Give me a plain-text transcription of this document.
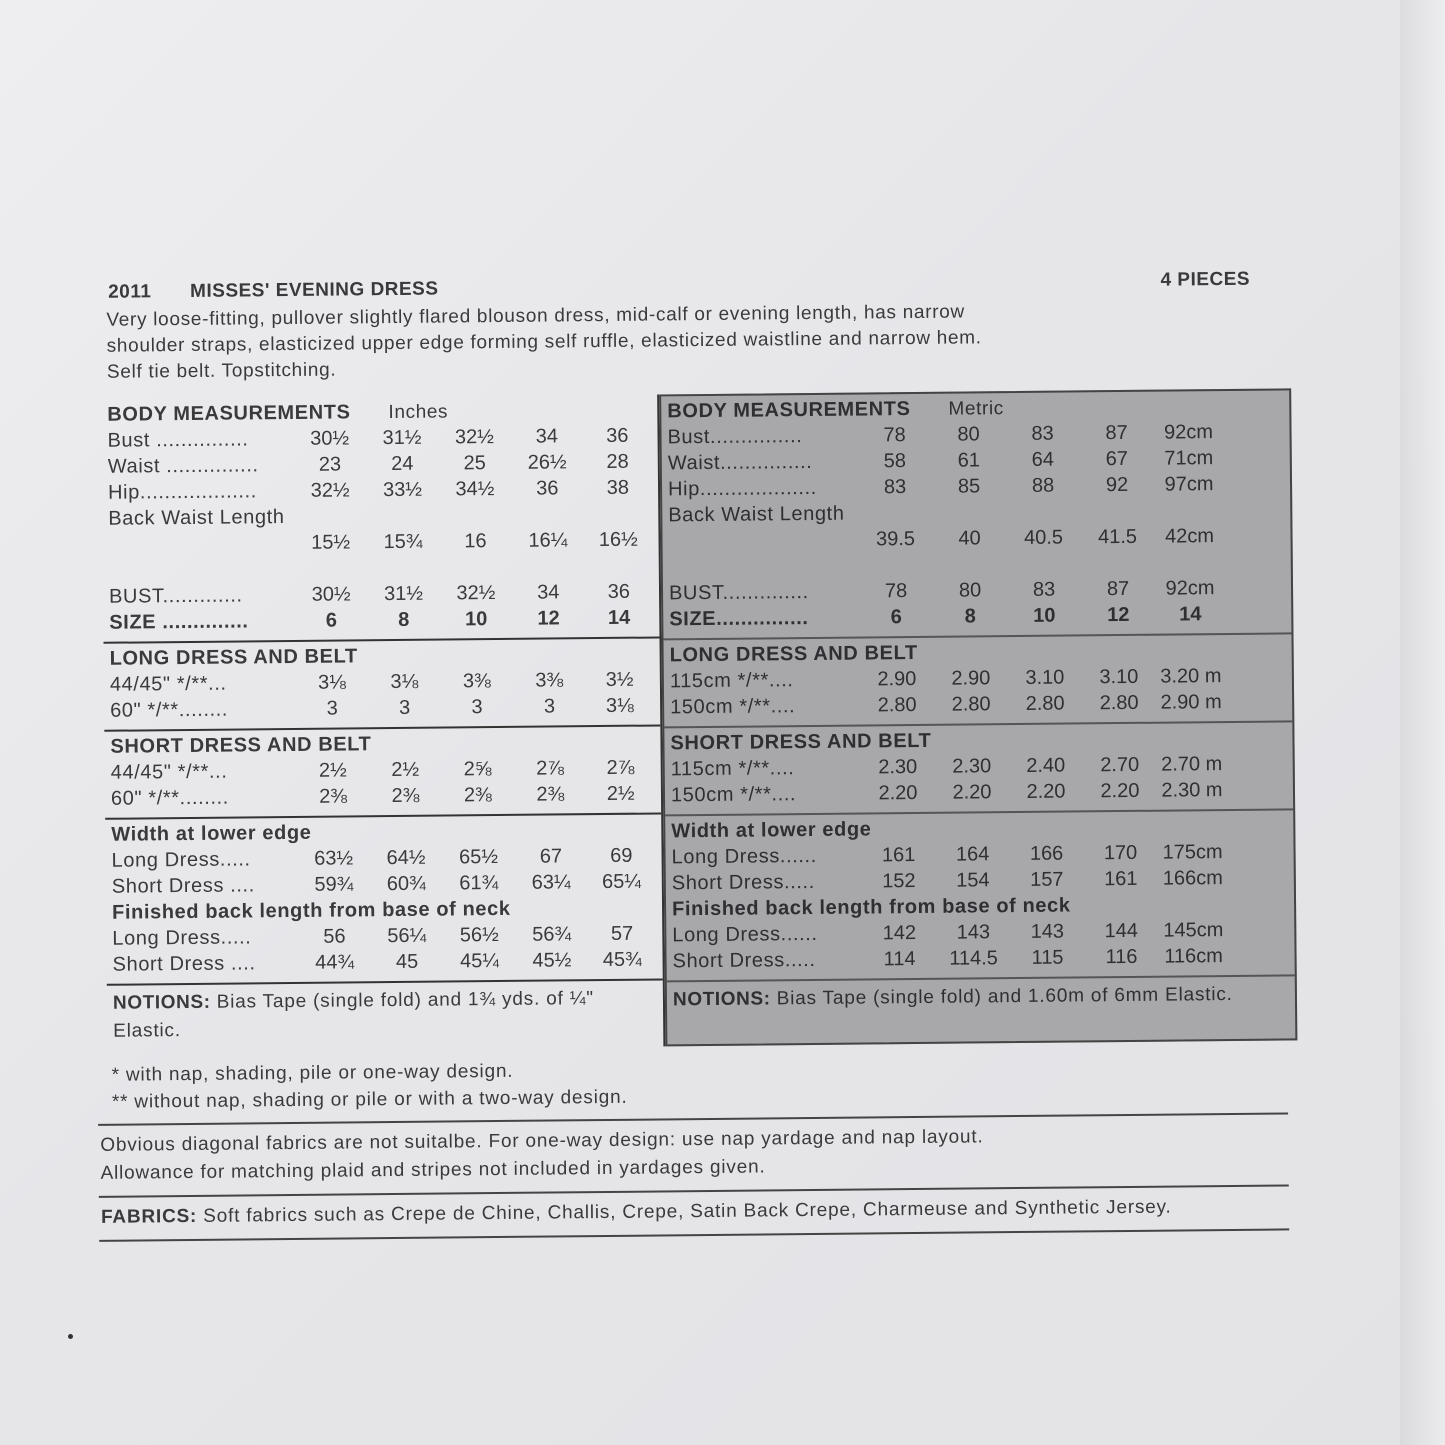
2011 MISSES' EVENING DRESS	4 PIECES
Very loose-fitting, pullover slightly flared blouson dress, mid-calf or evening length, has narrow
shoulder straps, elasticized upper edge forming self ruffle, elasticized waistline and narrow hem.
Self tie belt. Topstitching.
BODY MEASUREMENTS Inches
Bust ...............	30½	31½	32½	34	36
Waist ...............	23	24	25	26½	28
Hip...................	32½	33½	34½	36	38
Back Waist Length
15½	15¾	16	16¼	16½
BUST.............	30½	31½	32½	34	36
SIZE ..............	6	8	10	12	14
LONG DRESS AND BELT
44/45" */**...	3⅛	3⅛	3⅜	3⅜	3½
60" */**........	3	3	3	3	3⅛
SHORT DRESS AND BELT
44/45" */**...	2½	2½	2⅝	2⅞	2⅞
60" */**........	2⅜	2⅜	2⅜	2⅜	2½
Width at lower edge
Long Dress.....	63½	64½	65½	67	69
Short Dress ....	59¾	60¾	61¾	63¼	65¼
Finished back length from base of neck
Long Dress.....	56	56¼	56½	56¾	57
Short Dress ....	44¾	45	45¼	45½	45¾
NOTIONS: Bias Tape (single fold) and 1¾ yds. of ¼" Elastic.
BODY MEASUREMENTS Metric
Bust...............	78	80	83	87	92cm
Waist...............	58	61	64	67	71cm
Hip...................	83	85	88	92	97cm
Back Waist Length
39.5	40	40.5	41.5	42cm
BUST..............	78	80	83	87	92cm
SIZE...............	6	8	10	12	14
LONG DRESS AND BELT
115cm */**....	2.90	2.90	3.10	3.10	3.20 m
150cm */**....	2.80	2.80	2.80	2.80	2.90 m
SHORT DRESS AND BELT
115cm */**....	2.30	2.30	2.40	2.70	2.70 m
150cm */**....	2.20	2.20	2.20	2.20	2.30 m
Width at lower edge
Long Dress......	161	164	166	170	175cm
Short Dress.....	152	154	157	161	166cm
Finished back length from base of neck
Long Dress......	142	143	143	144	145cm
Short Dress.....	114	114.5	115	116	116cm
NOTIONS: Bias Tape (single fold) and 1.60m of 6mm Elastic.
* with nap, shading, pile or one-way design.
** without nap, shading or pile or with a two-way design.
Obvious diagonal fabrics are not suitalbe. For one-way design: use nap yardage and nap layout.
Allowance for matching plaid and stripes not included in yardages given.
FABRICS: Soft fabrics such as Crepe de Chine, Challis, Crepe, Satin Back Crepe, Charmeuse and Synthetic Jersey.
